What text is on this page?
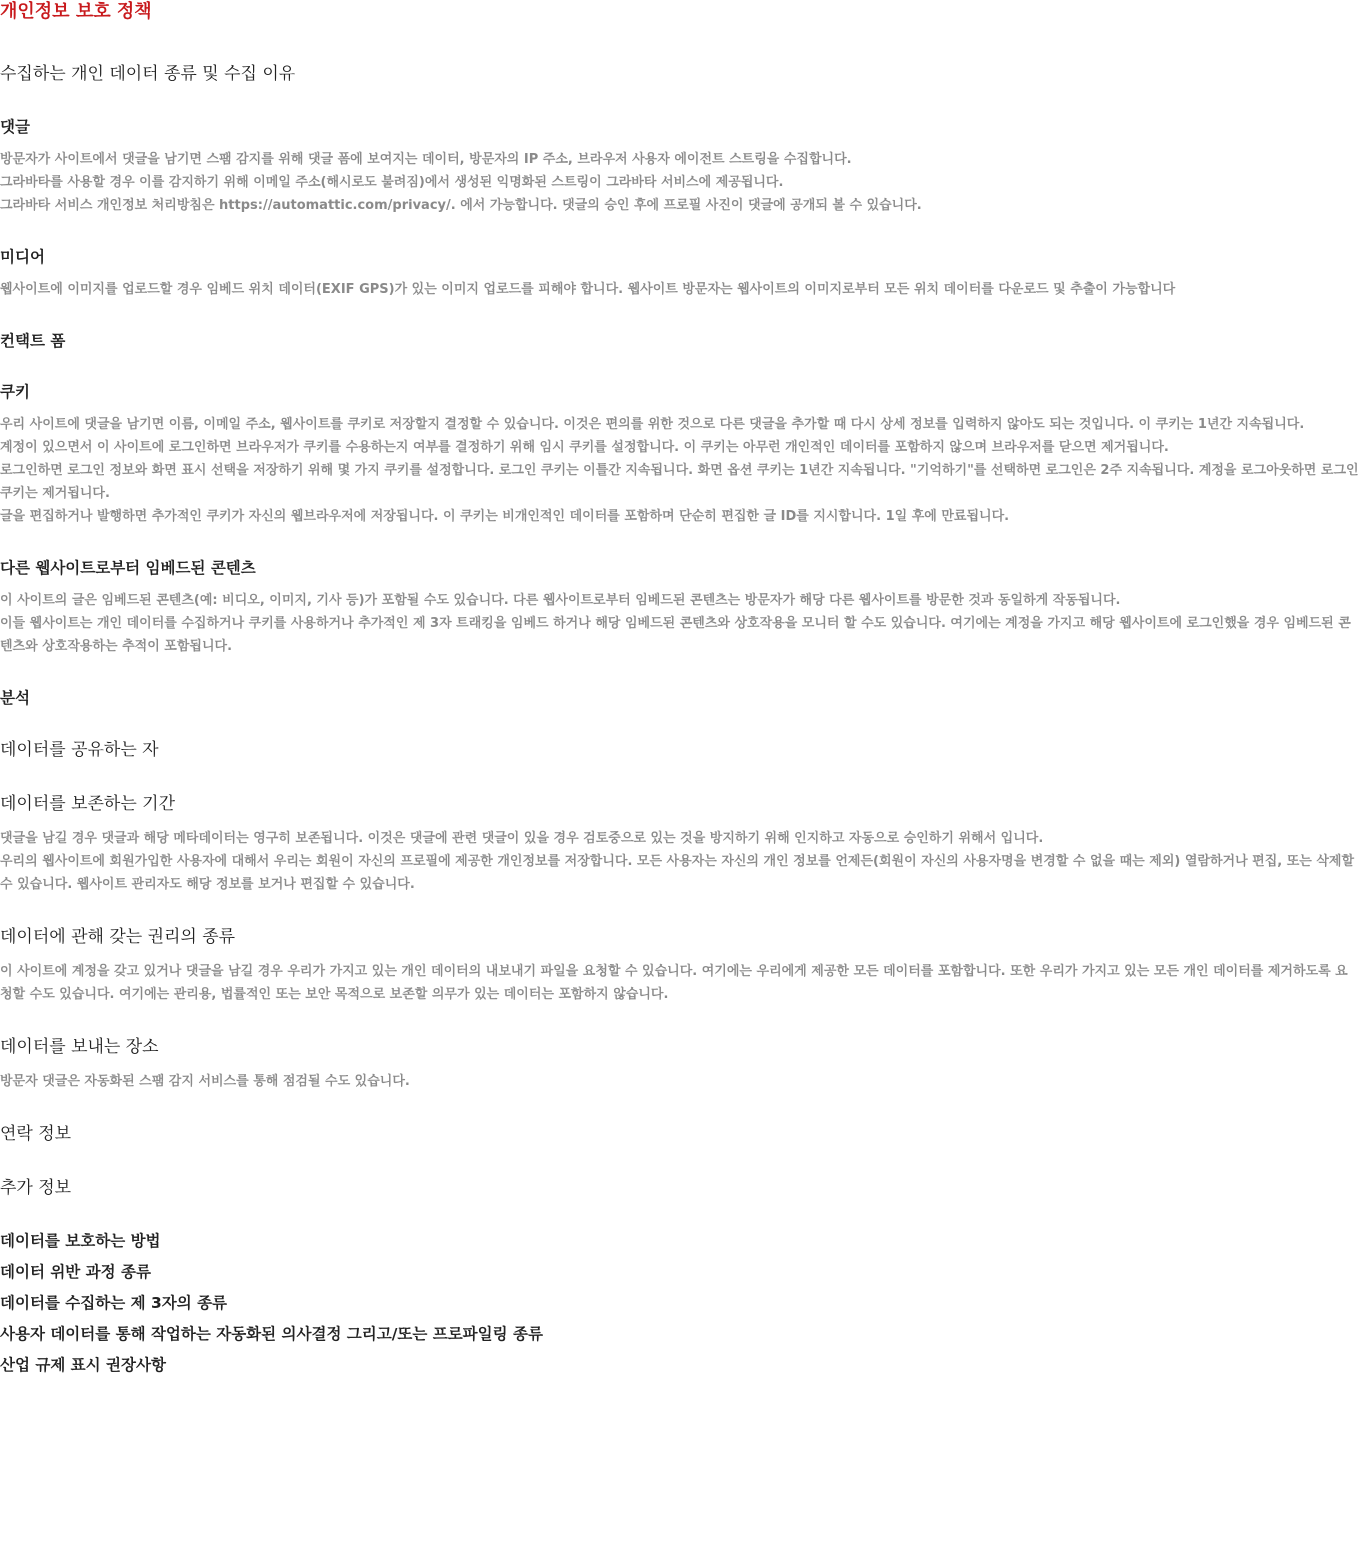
개인정보 보호 정책
수집하는 개인 데이터 종류 및 수집 이유
댓글
방문자가 사이트에서 댓글을 남기면 스팸 감지를 위해 댓글 폼에 보여지는 데이터, 방문자의 IP 주소, 브라우저 사용자 에이전트 스트링을 수집합니다.
그라바타를 사용할 경우 이를 감지하기 위해 이메일 주소(해시로도 불려짐)에서 생성된 익명화된 스트링이 그라바타 서비스에 제공됩니다.
그라바타 서비스 개인정보 처리방침은 https://automattic.com/privacy/. 에서 가능합니다. 댓글의 승인 후에 프로필 사진이 댓글에 공개되 볼 수 있습니다.
미디어
웹사이트에 이미지를 업로드할 경우 임베드 위치 데이터(EXIF GPS)가 있는 이미지 업로드를 피해야 합니다. 웹사이트 방문자는 웹사이트의 이미지로부터 모든 위치 데이터를 다운로드 및 추출이 가능합니다
컨택트 폼
쿠키
우리 사이트에 댓글을 남기면 이름, 이메일 주소, 웹사이트를 쿠키로 저장할지 결정할 수 있습니다. 이것은 편의를 위한 것으로 다른 댓글을 추가할 때 다시 상세 정보를 입력하지 않아도 되는 것입니다. 이 쿠키는 1년간 지속됩니다.
계정이 있으면서 이 사이트에 로그인하면 브라우저가 쿠키를 수용하는지 여부를 결정하기 위해 임시 쿠키를 설정합니다. 이 쿠키는 아무런 개인적인 데이터를 포함하지 않으며 브라우저를 닫으면 제거됩니다.
로그인하면 로그인 정보와 화면 표시 선택을 저장하기 위해 몇 가지 쿠키를 설정합니다. 로그인 쿠키는 이틀간 지속됩니다. 화면 옵션 쿠키는 1년간 지속됩니다. "기억하기"를 선택하면 로그인은 2주 지속됩니다. 계정을 로그아웃하면 로그인 쿠키는 제거됩니다.
글을 편집하거나 발행하면 추가적인 쿠키가 자신의 웹브라우저에 저장됩니다. 이 쿠키는 비개인적인 데이터를 포함하며 단순히 편집한 글 ID를 지시합니다. 1일 후에 만료됩니다.
다른 웹사이트로부터 임베드된 콘텐츠
이 사이트의 글은 임베드된 콘텐츠(예: 비디오, 이미지, 기사 등)가 포함될 수도 있습니다. 다른 웹사이트로부터 임베드된 콘텐츠는 방문자가 해당 다른 웹사이트를 방문한 것과 동일하게 작동됩니다.
이들 웹사이트는 개인 데이터를 수집하거나 쿠키를 사용하거나 추가적인 제 3자 트래킹을 임베드 하거나 해당 임베드된 콘텐츠와 상호작용을 모니터 할 수도 있습니다. 여기에는 계정을 가지고 해당 웹사이트에 로그인했을 경우 임베드된 콘텐츠와 상호작용하는 추적이 포함됩니다.
분석
데이터를 공유하는 자
데이터를 보존하는 기간
댓글을 남길 경우 댓글과 해당 메타데이터는 영구히 보존됩니다. 이것은 댓글에 관련 댓글이 있을 경우 검토중으로 있는 것을 방지하기 위해 인지하고 자동으로 승인하기 위해서 입니다.
우리의 웹사이트에 회원가입한 사용자에 대해서 우리는 회원이 자신의 프로필에 제공한 개인정보를 저장합니다. 모든 사용자는 자신의 개인 정보를 언제든(회원이 자신의 사용자명을 변경할 수 없을 때는 제외) 열람하거나 편집, 또는 삭제할 수 있습니다. 웹사이트 관리자도 해당 정보를 보거나 편집할 수 있습니다.
데이터에 관해 갖는 권리의 종류
이 사이트에 계정을 갖고 있거나 댓글을 남길 경우 우리가 가지고 있는 개인 데이터의 내보내기 파일을 요청할 수 있습니다. 여기에는 우리에게 제공한 모든 데이터를 포함합니다. 또한 우리가 가지고 있는 모든 개인 데이터를 제거하도록 요청할 수도 있습니다. 여기에는 관리용, 법률적인 또는 보안 목적으로 보존할 의무가 있는 데이터는 포함하지 않습니다.
데이터를 보내는 장소
방문자 댓글은 자동화된 스팸 감지 서비스를 통해 점검될 수도 있습니다.
연락 정보
추가 정보
데이터를 보호하는 방법
데이터 위반 과정 종류
데이터를 수집하는 제 3자의 종류
사용자 데이터를 통해 작업하는 자동화된 의사결정 그리고/또는 프로파일링 종류
산업 규제 표시 권장사항
